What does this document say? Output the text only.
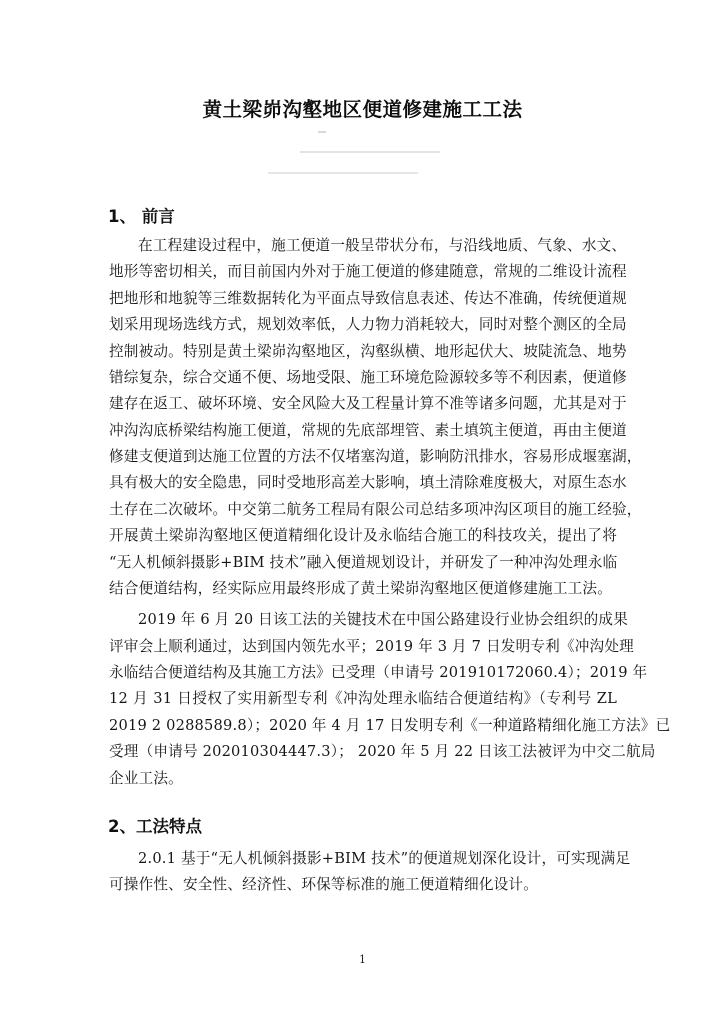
黄土梁峁沟壑地区便道修建施工工法
1、 前言
在工程建设过程中，施工便道一般呈带状分布，与沿线地质、气象、水文、
地形等密切相关，而目前国内外对于施工便道的修建随意，常规的二维设计流程
把地形和地貌等三维数据转化为平面点导致信息表述、传达不准确，传统便道规
划采用现场选线方式，规划效率低，人力物力消耗较大，同时对整个测区的全局
控制被动。特别是黄土梁峁沟壑地区，沟壑纵横、地形起伏大、坡陡流急、地势
错综复杂，综合交通不便、场地受限、施工环境危险源较多等不利因素，便道修
建存在返工、破坏环境、安全风险大及工程量计算不准等诸多问题，尤其是对于
冲沟沟底桥梁结构施工便道，常规的先底部埋管、素土填筑主便道，再由主便道
修建支便道到达施工位置的方法不仅堵塞沟道，影响防汛排水，容易形成堰塞湖，
具有极大的安全隐患，同时受地形高差大影响，填土清除难度极大，对原生态水
土存在二次破坏。中交第二航务工程局有限公司总结多项冲沟区项目的施工经验，
开展黄土梁峁沟壑地区便道精细化设计及永临结合施工的科技攻关，提出了将
“无人机倾斜摄影+BIM 技术”融入便道规划设计，并研发了一种冲沟处理永临
结合便道结构，经实际应用最终形成了黄土梁峁沟壑地区便道修建施工工法。
2019 年 6 月 20 日该工法的关键技术在中国公路建设行业协会组织的成果
评审会上顺利通过，达到国内领先水平；2019 年 3 月 7 日发明专利《冲沟处理
永临结合便道结构及其施工方法》已受理（申请号 201910172060.4）；2019 年
12 月 31 日授权了实用新型专利《冲沟处理永临结合便道结构》（专利号 ZL
2019 2 0288589.8）；2020 年 4 月 17 日发明专利《一种道路精细化施工方法》已
受理（申请号 202010304447.3）； 2020 年 5 月 22 日该工法被评为中交二航局
企业工法。
2、工法特点
2.0.1 基于“无人机倾斜摄影+BIM 技术”的便道规划深化设计，可实现满足
可操作性、安全性、经济性、环保等标准的施工便道精细化设计。
1
